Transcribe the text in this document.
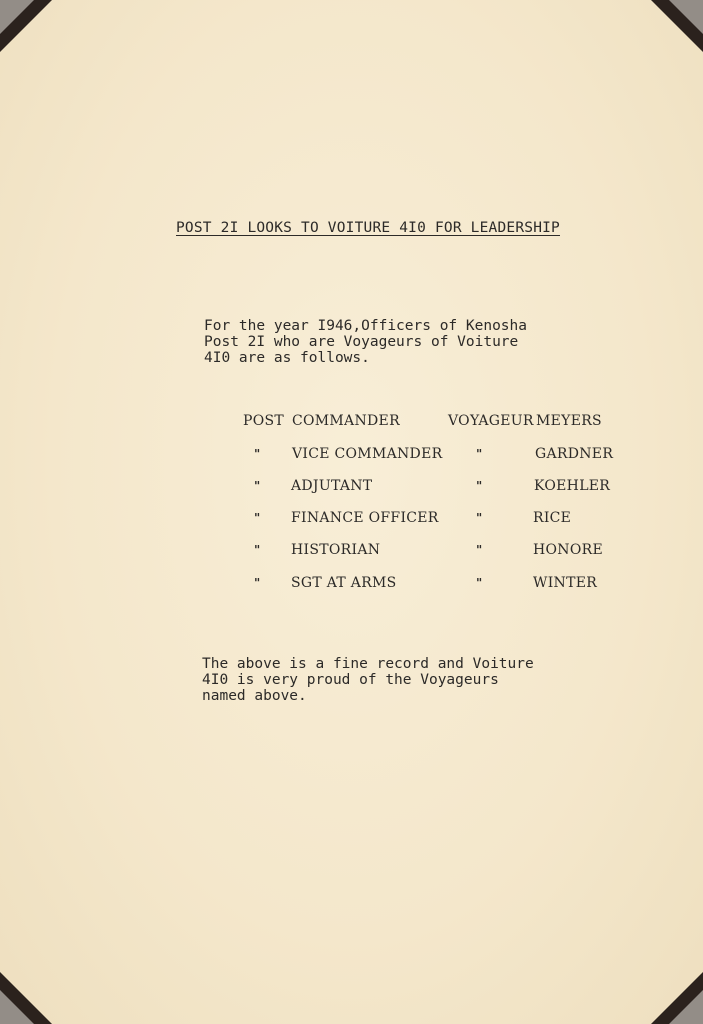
POST 2I LOOKS TO VOITURE 4I0 FOR LEADERSHIP
For the year I946,Officers of Kenosha
Post 2I who are Voyageurs of Voiture
4I0 are as follows.
POST COMMANDER	VOYAGEUR MEYERS
" VICE COMMANDER	"	GARDNER
" ADJUTANT	"	KOEHLER
" FINANCE OFFICER	"	RICE
" HISTORIAN	"	HONORE
" SGT AT ARMS	"	WINTER
The above is a fine record and Voiture
4I0 is very proud of the Voyageurs
named above.
